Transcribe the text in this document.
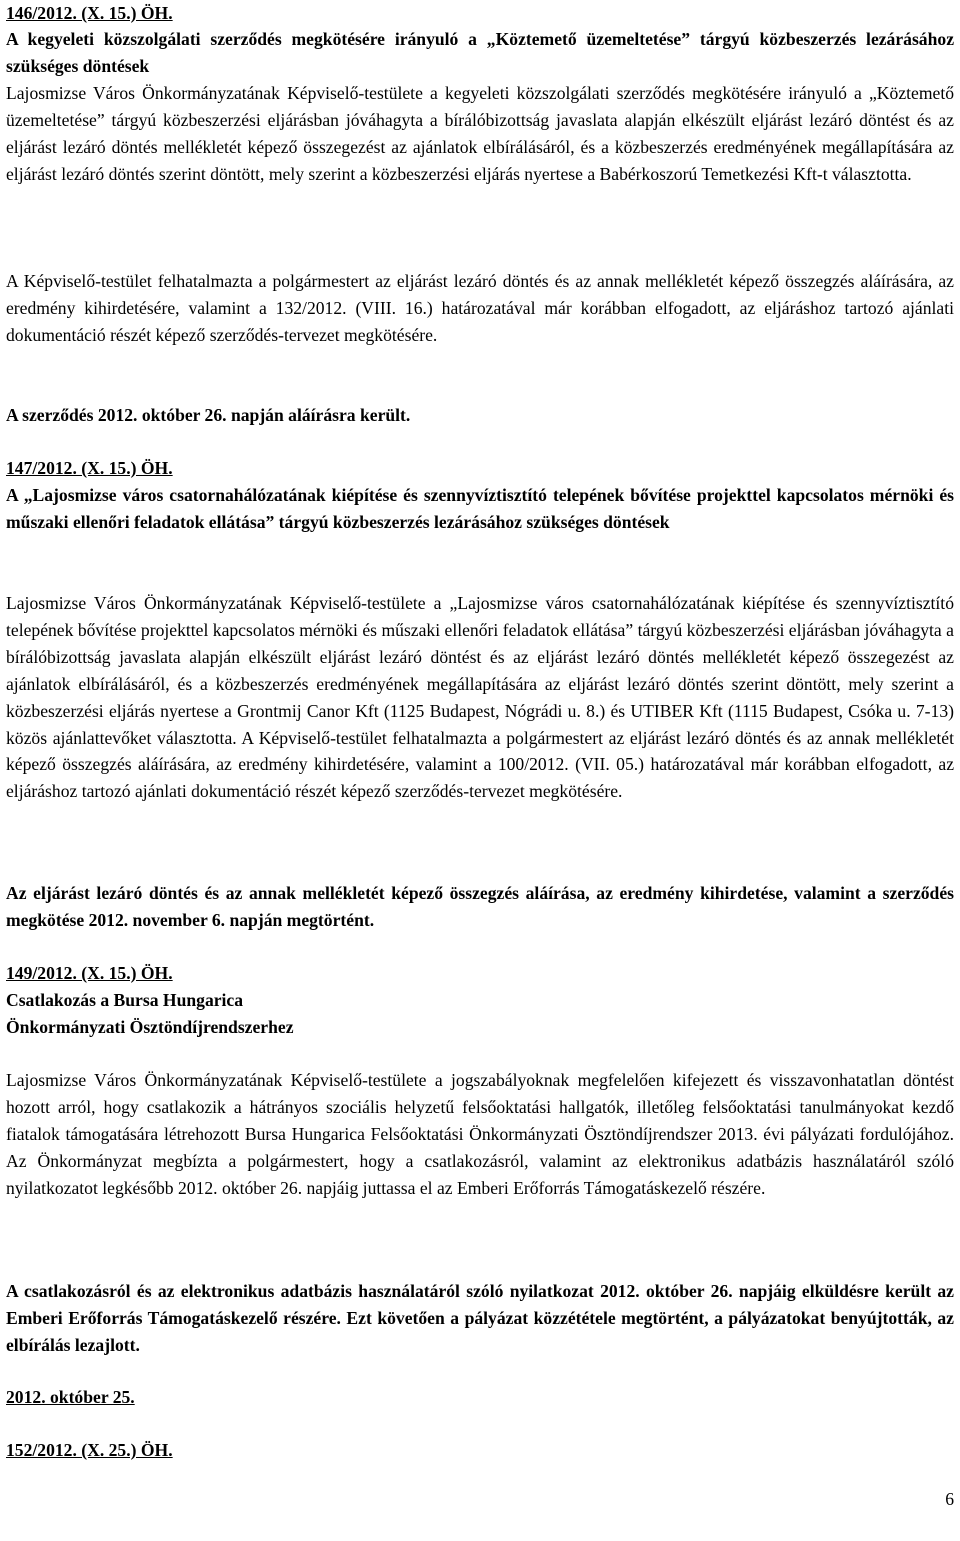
146/2012. (X. 15.) ÖH.
A kegyeleti közszolgálati szerződés megkötésére irányuló a „Köztemető üzemeltetése” tárgyú közbeszerzés lezárásához szükséges döntések
Lajosmizse Város Önkormányzatának Képviselő-testülete a kegyeleti közszolgálati szerződés megkötésére irányuló a „Köztemető üzemeltetése” tárgyú közbeszerzési eljárásban jóváhagyta a bírálóbizottság javaslata alapján elkészült eljárást lezáró döntést és az eljárást lezáró döntés mellékletét képező összegezést az ajánlatok elbírálásáról, és a közbeszerzés eredményének megállapítására az eljárást lezáró döntés szerint döntött, mely szerint a közbeszerzési eljárás nyertese a Babérkoszorú Temetkezési Kft-t választotta.
A Képviselő-testület felhatalmazta a polgármestert az eljárást lezáró döntés és az annak mellékletét képező összegzés aláírására, az eredmény kihirdetésére, valamint a 132/2012. (VIII. 16.) határozatával már korábban elfogadott, az eljáráshoz tartozó ajánlati dokumentáció részét képező szerződés-tervezet megkötésére.
A szerződés 2012. október 26. napján aláírásra került.
147/2012. (X. 15.) ÖH.
A „Lajosmizse város csatornahálózatának kiépítése és szennyvíztisztító telepének bővítése projekttel kapcsolatos mérnöki és műszaki ellenőri feladatok ellátása” tárgyú közbeszerzés lezárásához szükséges döntések
Lajosmizse Város Önkormányzatának Képviselő-testülete a „Lajosmizse város csatornahálózatának kiépítése és szennyvíztisztító telepének bővítése projekttel kapcsolatos mérnöki és műszaki ellenőri feladatok ellátása” tárgyú közbeszerzési eljárásban jóváhagyta a bírálóbizottság javaslata alapján elkészült eljárást lezáró döntést és az eljárást lezáró döntés mellékletét képező összegezést az ajánlatok elbírálásáról, és a közbeszerzés eredményének megállapítására az eljárást lezáró döntés szerint döntött, mely szerint a közbeszerzési eljárás nyertese a Grontmij Canor Kft (1125 Budapest, Nógrádi u. 8.) és UTIBER Kft (1115 Budapest, Csóka u. 7-13) közös ajánlattevőket választotta. A Képviselő-testület felhatalmazta a polgármestert az eljárást lezáró döntés és az annak mellékletét képező összegzés aláírására, az eredmény kihirdetésére, valamint a 100/2012. (VII. 05.) határozatával már korábban elfogadott, az eljáráshoz tartozó ajánlati dokumentáció részét képező szerződés-tervezet megkötésére.
Az eljárást lezáró döntés és az annak mellékletét képező összegzés aláírása, az eredmény kihirdetése, valamint a szerződés megkötése 2012. november 6. napján megtörtént.
149/2012. (X. 15.) ÖH.
Csatlakozás a Bursa Hungarica
Önkormányzati Ösztöndíjrendszerhez
Lajosmizse Város Önkormányzatának Képviselő-testülete a jogszabályoknak megfelelően kifejezett és visszavonhatatlan döntést hozott arról, hogy csatlakozik a hátrányos szociális helyzetű felsőoktatási hallgatók, illetőleg felsőoktatási tanulmányokat kezdő fiatalok támogatására létrehozott Bursa Hungarica Felsőoktatási Önkormányzati Ösztöndíjrendszer 2013. évi pályázati fordulójához. Az Önkormányzat megbízta a polgármestert, hogy a csatlakozásról, valamint az elektronikus adatbázis használatáról szóló nyilatkozatot legkésőbb 2012. október 26. napjáig juttassa el az Emberi Erőforrás Támogatáskezelő részére.
A csatlakozásról és az elektronikus adatbázis használatáról szóló nyilatkozat 2012. október 26. napjáig elküldésre került az Emberi Erőforrás Támogatáskezelő részére. Ezt követően a pályázat közzététele megtörtént, a pályázatokat benyújtották, az elbírálás lezajlott.
2012. október 25.
152/2012. (X. 25.) ÖH.
6
